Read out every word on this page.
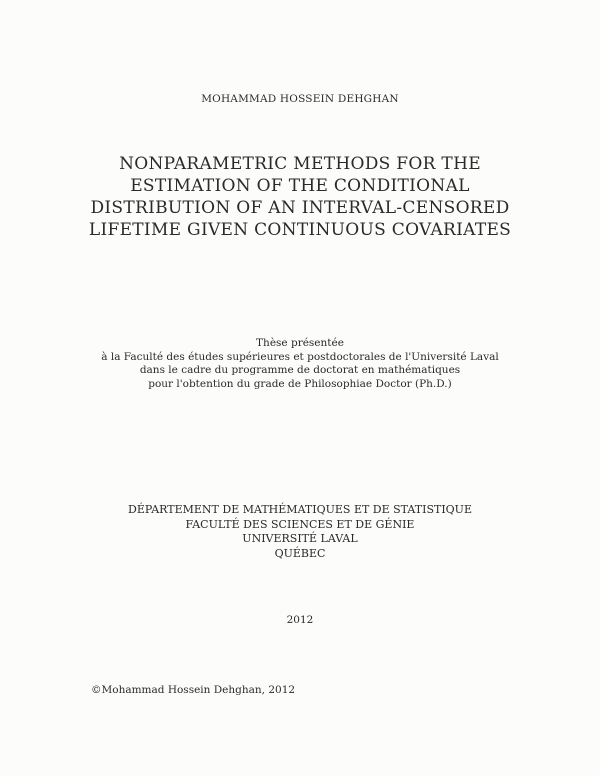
MOHAMMAD HOSSEIN DEHGHAN
NONPARAMETRIC METHODS FOR THE
ESTIMATION OF THE CONDITIONAL
DISTRIBUTION OF AN INTERVAL-CENSORED
LIFETIME GIVEN CONTINUOUS COVARIATES
Thèse présentée
à la Faculté des études supérieures et postdoctorales de l'Université Laval
dans le cadre du programme de doctorat en mathématiques
pour l'obtention du grade de Philosophiae Doctor (Ph.D.)
DÉPARTEMENT DE MATHÉMATIQUES ET DE STATISTIQUE
FACULTÉ DES SCIENCES ET DE GÉNIE
UNIVERSITÉ LAVAL
QUÉBEC
2012
©Mohammad Hossein Dehghan, 2012
